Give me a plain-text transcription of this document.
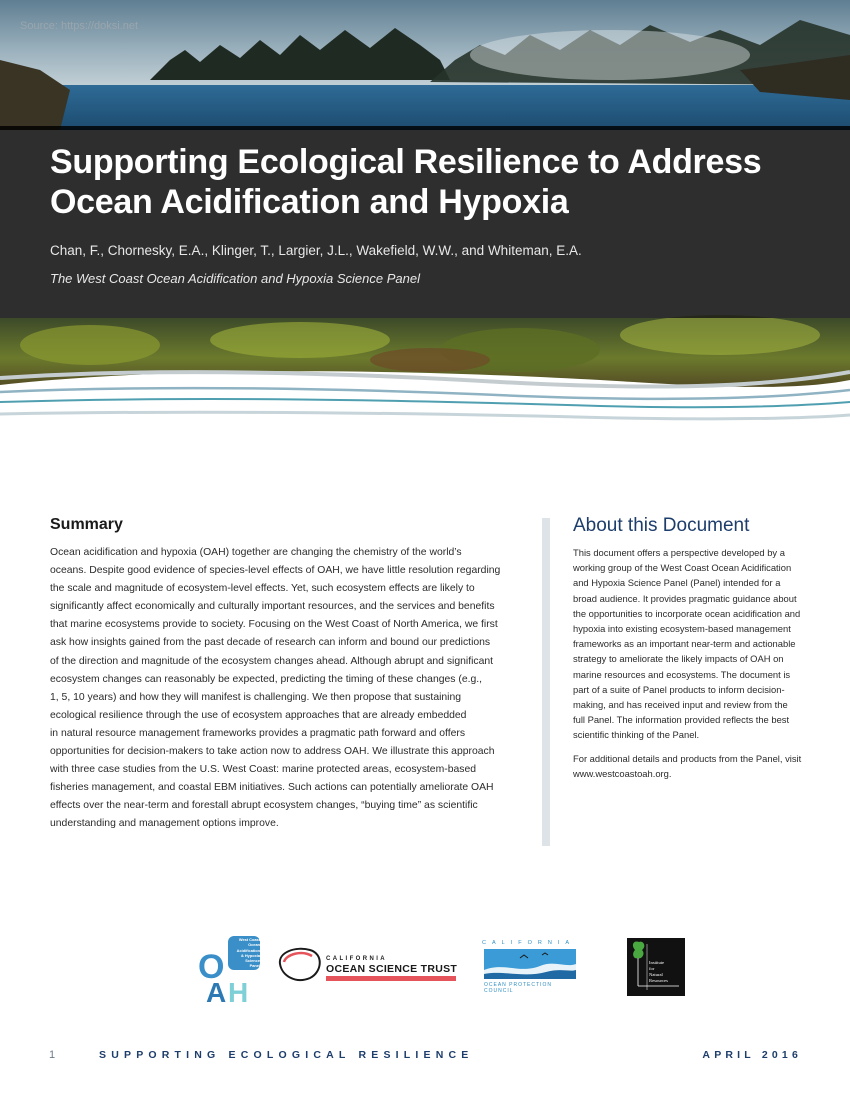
Source: https://doksi.net
Supporting Ecological Resilience to Address
Ocean Acidification and Hypoxia
Chan, F., Chornesky, E.A., Klinger, T., Largier, J.L., Wakefield, W.W., and Whiteman, E.A.
The West Coast Ocean Acidification and Hypoxia Science Panel
Summary

Ocean acidification and hypoxia (OAH) together are changing the chemistry of the world’s
oceans. Despite good evidence of species-level effects of OAH, we have little resolution regarding
the scale and magnitude of ecosystem-level effects. Yet, such ecosystem effects are likely to
significantly affect economically and culturally important resources, and the services and benefits
that marine ecosystems provide to society. Focusing on the West Coast of North America, we first
ask how insights gained from the past decade of research can inform and bound our predictions
of the direction and magnitude of the ecosystem changes ahead. Although abrupt and significant
ecosystem changes can reasonably be expected, predicting the timing of these changes (e.g.,
1, 5, 10 years) and how they will manifest is challenging. We then propose that sustaining
ecological resilience through the use of ecosystem approaches that are already embedded
in natural resource management frameworks provides a pragmatic path forward and offers
opportunities for decision-makers to take action now to address OAH. We illustrate this approach
with three case studies from the U.S. West Coast: marine protected areas, ecosystem-based
fisheries management, and coastal EBM initiatives. Such actions can potentially ameliorate OAH
effects over the near-term and forestall abrupt ecosystem changes, “buying time” as scientific
understanding and management options improve.

About this Document

This document offers a perspective developed by a
working group of the West Coast Ocean Acidification
and Hypoxia Science Panel (Panel) intended for a
broad audience. It provides pragmatic guidance about
the opportunities to incorporate ocean acidification and
hypoxia into existing ecosystem-based management
frameworks as an important near-term and actionable
strategy to ameliorate the likely impacts of OAH on
marine resources and ecosystems. The document is
part of a suite of Panel products to inform decision-
making, and has received input and review from the
full Panel. The information provided reflects the best
scientific thinking of the Panel.

For additional details and products from the Panel, visit
www.westcoastoah.org.

O
A H
West Coast
Ocean
Acidification
& Hypoxia
Science
Panel
CALIFORNIA
OCEAN SCIENCE TRUST
CALIFORNIA
OCEAN PROTECTION COUNCIL
Institute
for
Natural
Resources
1	SUPPORTING ECOLOGICAL RESILIENCE	APRIL 2016
